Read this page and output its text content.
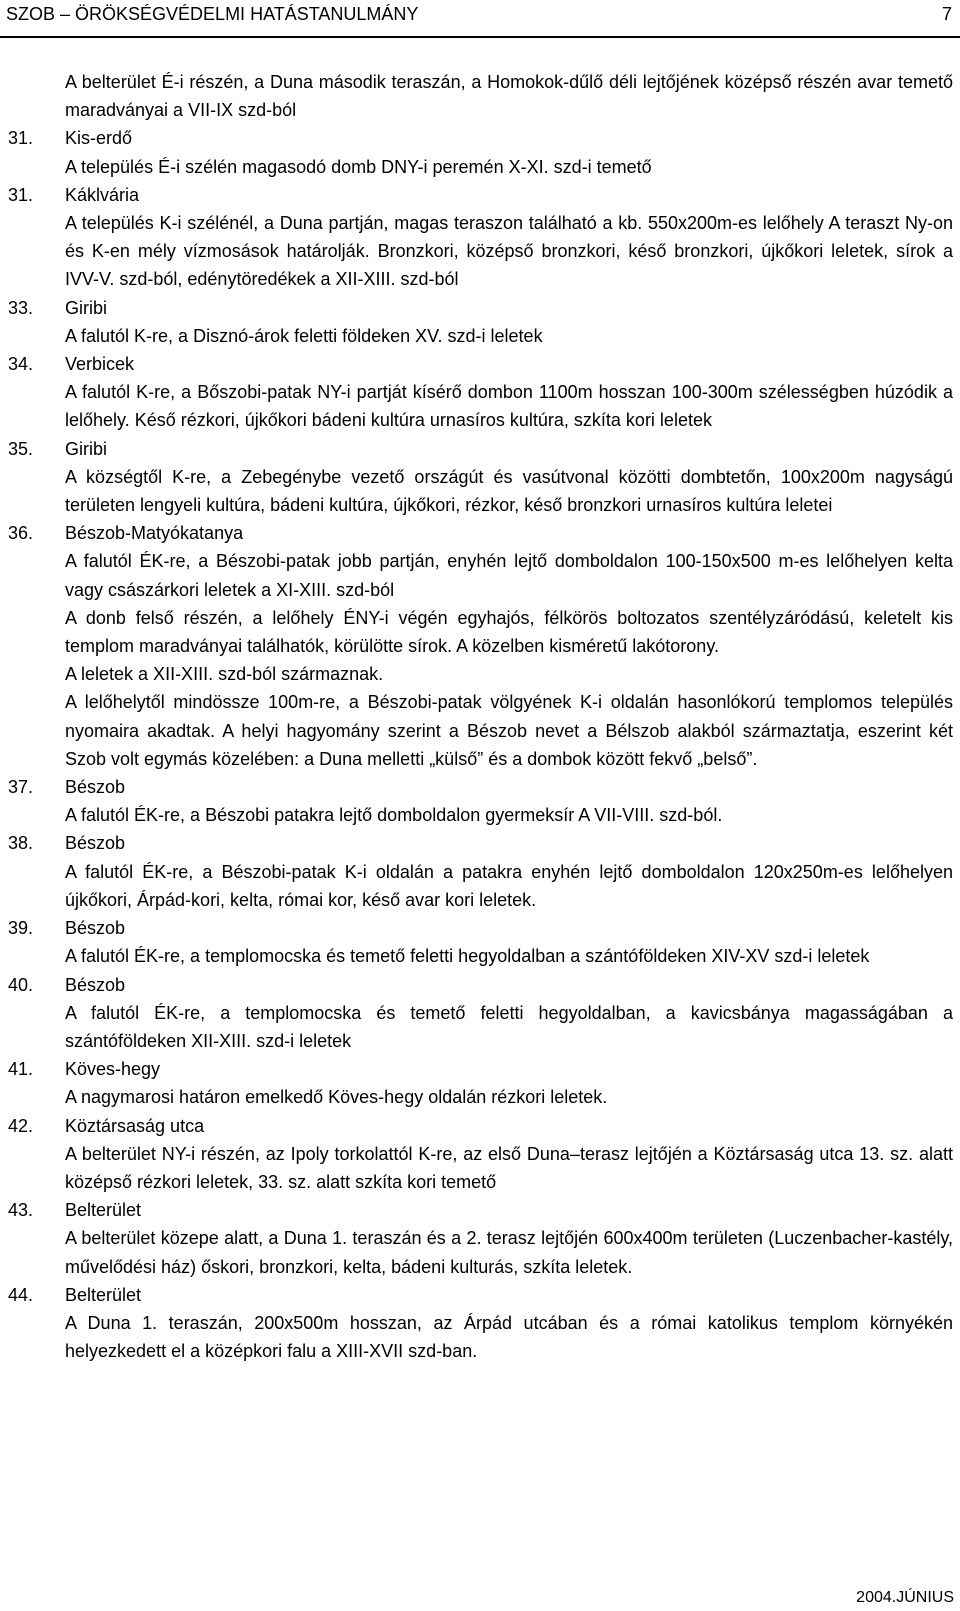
SZOB – ÖRÖKSÉGVÉDELMI HATÁSTANULMÁNY	7
A belterület É-i részén, a Duna második teraszán, a Homokok-dűlő déli lejtőjének középső részén avar temető maradványai a VII-IX szd-ból
31.	Kis-erdő

A település É-i szélén magasodó domb DNY-i peremén X-XI. szd-i temető

31.	Káklvária

A település K-i szélénél, a Duna partján, magas teraszon található a kb. 550x200m-es lelőhely A teraszt Ny-on és K-en mély vízmosások határolják. Bronzkori, középső bronzkori, késő bronzkori, újkőkori leletek, sírok a IVV-V. szd-ból, edénytöredékek a XII-XIII. szd-ból

33.	Giribi

A falutól K-re, a Disznó-árok feletti földeken XV. szd-i leletek

34.	Verbicek

A falutól K-re, a Bőszobi-patak NY-i partját kísérő dombon 1100m hosszan 100-300m szélességben húzódik a lelőhely. Késő rézkori, újkőkori bádeni kultúra urnasíros kultúra, szkíta kori leletek

35.	Giribi

A községtől K-re, a Zebegénybe vezető országút és vasútvonal közötti dombtetőn, 100x200m nagyságú területen lengyeli kultúra, bádeni kultúra, újkőkori, rézkor, késő bronzkori urnasíros kultúra leletei

36.	Bészob-Matyókatanya

A falutól ÉK-re, a Bészobi-patak jobb partján, enyhén lejtő domboldalon 100-150x500 m-es lelőhelyen kelta vagy császárkori leletek a XI-XIII. szd-ból

A donb felső részén, a lelőhely ÉNY-i végén egyhajós, félkörös boltozatos szentélyzáródású, keletelt kis templom maradványai találhatók, körülötte sírok. A közelben kisméretű lakótorony.

A leletek a XII-XIII. szd-ból származnak.

A lelőhelytől mindössze 100m-re, a Bészobi-patak völgyének K-i oldalán hasonlókorú templomos település nyomaira akadtak. A helyi hagyomány szerint a Bészob nevet a Bélszob alakból származtatja, eszerint két Szob volt egymás közelében: a Duna melletti „külső” és a dombok között fekvő „belső”.

37.	Bészob

A falutól ÉK-re, a Bészobi patakra lejtő domboldalon gyermeksír A VII-VIII. szd-ból.

38.	Bészob

A falutól ÉK-re, a Bészobi-patak K-i oldalán a patakra enyhén lejtő domboldalon 120x250m-es lelőhelyen újkőkori, Árpád-kori, kelta, római kor, késő avar kori leletek.

39.	Bészob

A falutól ÉK-re, a templomocska és temető feletti hegyoldalban a szántóföldeken XIV-XV szd-i leletek

40.	Bészob

A falutól ÉK-re, a templomocska és temető feletti hegyoldalban, a kavicsbánya magasságában a szántóföldeken XII-XIII. szd-i leletek

41.	Köves-hegy

A nagymarosi határon emelkedő Köves-hegy oldalán rézkori leletek.

42.	Köztársaság utca

A belterület NY-i részén, az Ipoly torkolattól K-re, az első Duna–terasz lejtőjén a Köztársaság utca 13. sz. alatt középső rézkori leletek, 33. sz. alatt szkíta kori temető

43.	Belterület

A belterület közepe alatt, a Duna 1. teraszán és a 2. terasz lejtőjén 600x400m területen (Luczenbacher-kastély, művelődési ház) őskori, bronzkori, kelta, bádeni kulturás, szkíta leletek.

44.	Belterület

A Duna 1. teraszán, 200x500m hosszan, az Árpád utcában és a római katolikus templom környékén helyezkedett el a középkori falu a XIII-XVII szd-ban.

2004.JÚNIUS
